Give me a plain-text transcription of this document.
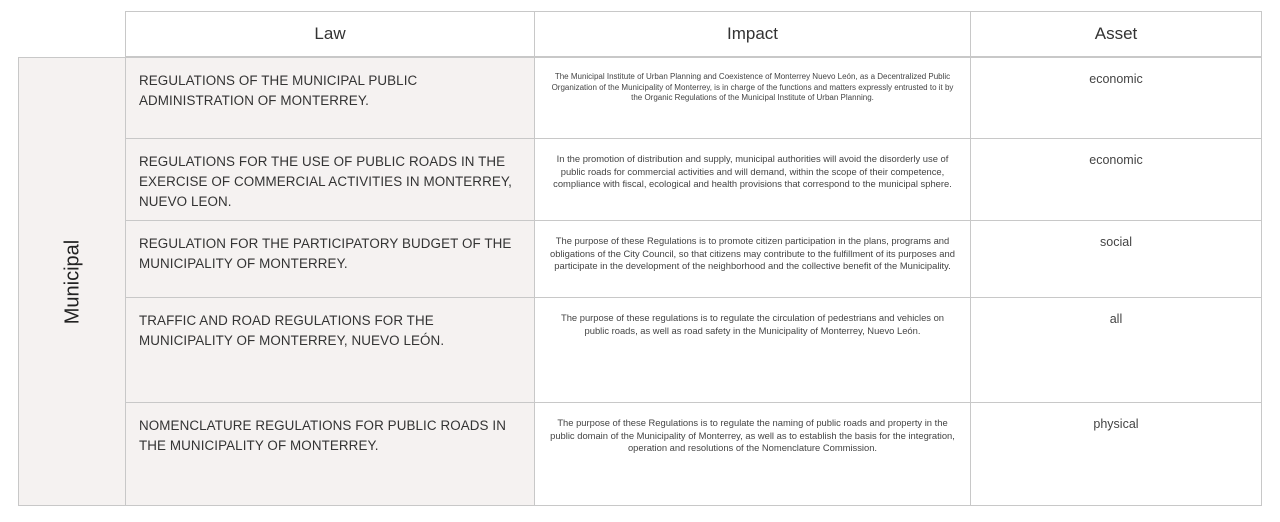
Law	Impact	Asset
Municipal
REGULATIONS OF THE MUNICIPAL PUBLIC ADMINISTRATION OF MONTERREY.
The Municipal Institute of Urban Planning and Coexistence of Monterrey Nuevo León, as a Decentralized Public Organization of the Municipality of Monterrey, is in charge of the functions and matters expressly entrusted to it by the Organic Regulations of the Municipal Institute of Urban Planning.
economic
REGULATIONS FOR THE USE OF PUBLIC ROADS IN THE EXERCISE OF COMMERCIAL ACTIVITIES IN MONTERREY, NUEVO LEON.
In the promotion of distribution and supply, municipal authorities will avoid the disorderly use of public roads for commercial activities and will demand, within the scope of their competence, compliance with fiscal, ecological and health provisions that correspond to the municipal sphere.
economic
REGULATION FOR THE PARTICIPATORY BUDGET OF THE MUNICIPALITY OF MONTERREY.
The purpose of these Regulations is to promote citizen participation in the plans, programs and obligations of the City Council, so that citizens may contribute to the fulfillment of its purposes and participate in the development of the neighborhood and the collective benefit of the Municipality.
social
TRAFFIC AND ROAD REGULATIONS FOR THE MUNICIPALITY OF MONTERREY, NUEVO LEÓN.
The purpose of these regulations is to regulate the circulation of pedestrians and vehicles on public roads, as well as road safety in the Municipality of Monterrey, Nuevo León.
all
NOMENCLATURE REGULATIONS FOR PUBLIC ROADS IN THE MUNICIPALITY OF MONTERREY.
The purpose of these Regulations is to regulate the naming of public roads and property in the public domain of the Municipality of Monterrey, as well as to establish the basis for the integration, operation and resolutions of the Nomenclature Commission.
physical
